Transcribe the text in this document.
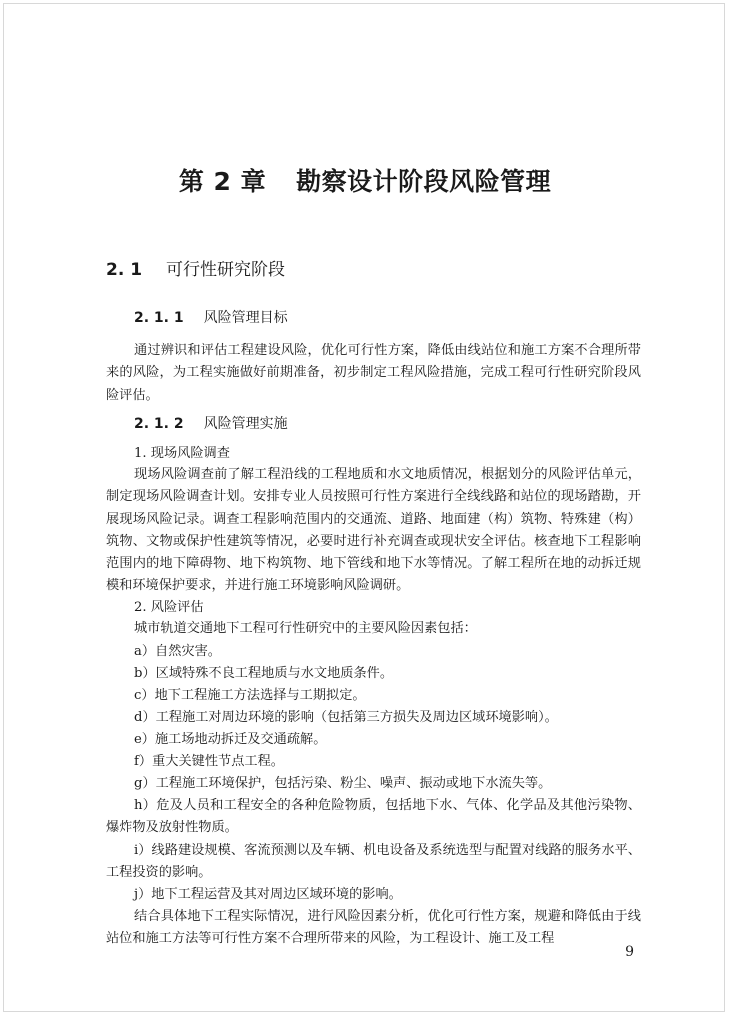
第 2 章 勘察设计阶段风险管理
2. 1 可行性研究阶段
2. 1. 1 风险管理目标
通过辨识和评估工程建设风险，优化可行性方案，降低由线站位和施工方案不合理所带来的风险，为工程实施做好前期准备，初步制定工程风险措施，完成工程可行性研究阶段风险评估。
2. 1. 2 风险管理实施
1. 现场风险调查
现场风险调查前了解工程沿线的工程地质和水文地质情况，根据划分的风险评估单元，制定现场风险调查计划。安排专业人员按照可行性方案进行全线线路和站位的现场踏勘，开展现场风险记录。调查工程影响范围内的交通流、道路、地面建（构）筑物、特殊建（构）筑物、文物或保护性建筑等情况，必要时进行补充调查或现状安全评估。核查地下工程影响范围内的地下障碍物、地下构筑物、地下管线和地下水等情况。了解工程所在地的动拆迁规模和环境保护要求，并进行施工环境影响风险调研。
2. 风险评估
城市轨道交通地下工程可行性研究中的主要风险因素包括：
a）自然灾害。
b）区域特殊不良工程地质与水文地质条件。
c）地下工程施工方法选择与工期拟定。
d）工程施工对周边环境的影响（包括第三方损失及周边区域环境影响）。
e）施工场地动拆迁及交通疏解。
f）重大关键性节点工程。
g）工程施工环境保护，包括污染、粉尘、噪声、振动或地下水流失等。
h）危及人员和工程安全的各种危险物质，包括地下水、气体、化学品及其他污染物、爆炸物及放射性物质。
i）线路建设规模、客流预测以及车辆、机电设备及系统选型与配置对线路的服务水平、工程投资的影响。
j）地下工程运营及其对周边区域环境的影响。
结合具体地下工程实际情况，进行风险因素分析，优化可行性方案，规避和降低由于线站位和施工方法等可行性方案不合理所带来的风险，为工程设计、施工及工程
9
